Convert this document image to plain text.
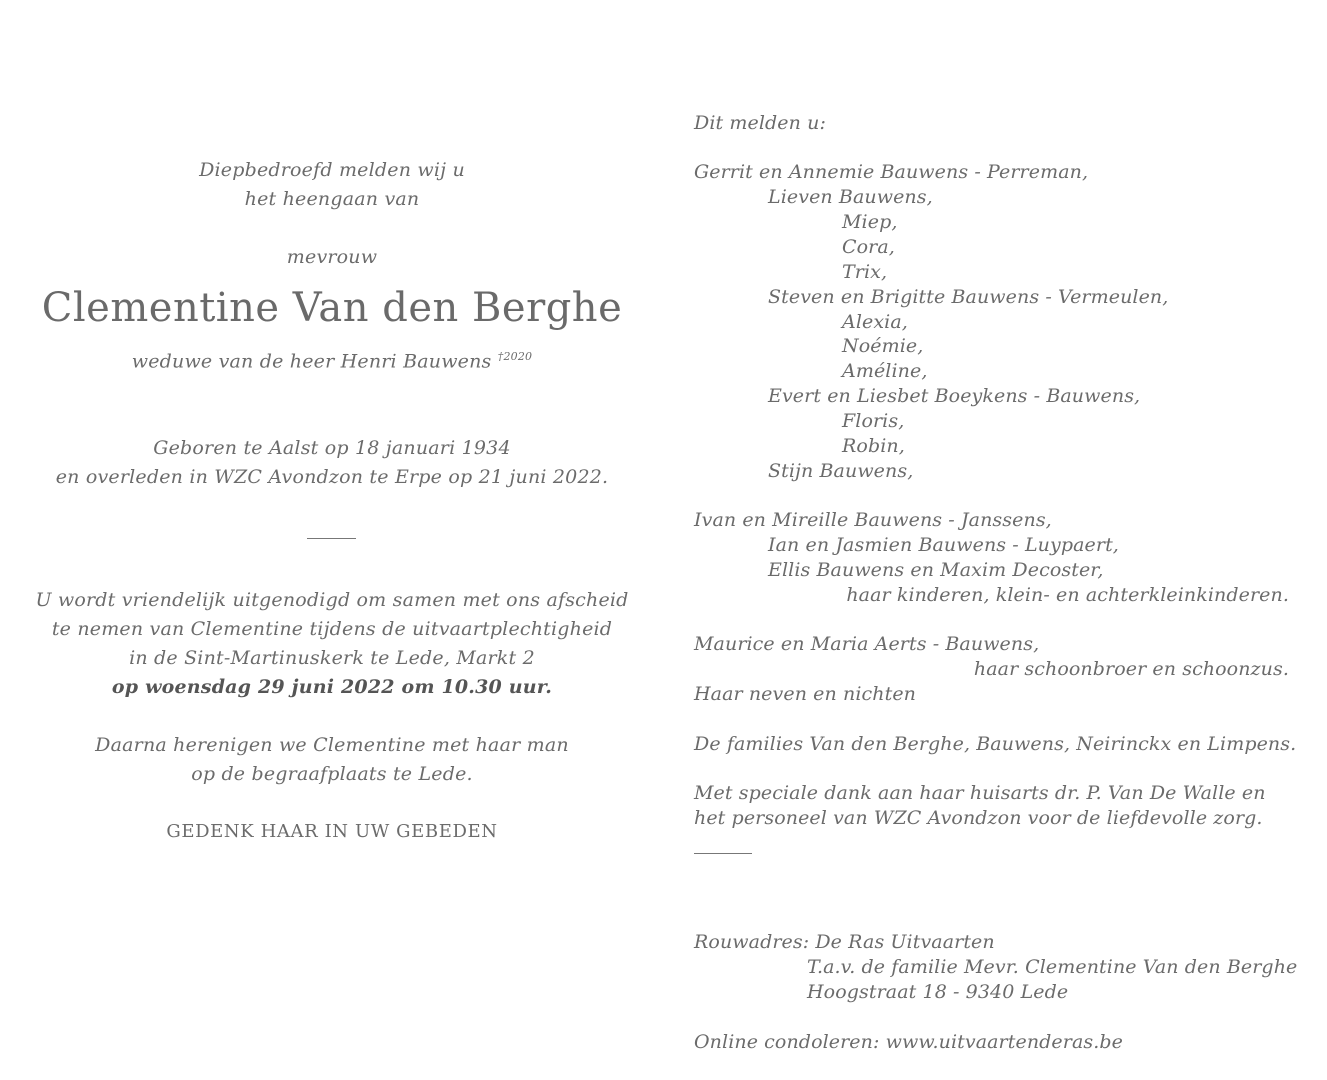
Diepbedroefd melden wij u
het heengaan van
mevrouw
Clementine Van den Berghe
weduwe van de heer Henri Bauwens $^{\dagger 2020}$
Geboren te Aalst op 18 januari 1934
en overleden in WZC Avondzon te Erpe op 21 juni 2022.
U wordt vriendelijk uitgenodigd om samen met ons afscheid
te nemen van Clementine tijdens de uitvaartplechtigheid
in de Sint-Martinuskerk te Lede, Markt 2
op woensdag 29 juni 2022 om 10.30 uur.
Daarna herenigen we Clementine met haar man
op de begraafplaats te Lede.
GEDENK HAAR IN UW GEBEDEN
Dit melden u:
Gerrit en Annemie Bauwens - Perreman,
Lieven Bauwens,
Miep,
Cora,
Trix,
Steven en Brigitte Bauwens - Vermeulen,
Alexia,
Noémie,
Améline,
Evert en Liesbet Boeykens - Bauwens,
Floris,
Robin,
Stijn Bauwens,
Ivan en Mireille Bauwens - Janssens,
Ian en Jasmien Bauwens - Luypaert,
Ellis Bauwens en Maxim Decoster,
haar kinderen, klein- en achterkleinkinderen.
Maurice en Maria Aerts - Bauwens,
haar schoonbroer en schoonzus.
Haar neven en nichten
De families Van den Berghe, Bauwens, Neirinckx en Limpens.
Met speciale dank aan haar huisarts dr. P. Van De Walle en
het personeel van WZC Avondzon voor de liefdevolle zorg.
Rouwadres: De Ras Uitvaarten
T.a.v. de familie Mevr. Clementine Van den Berghe
Hoogstraat 18 - 9340 Lede
Online condoleren: www.uitvaartenderas.be
